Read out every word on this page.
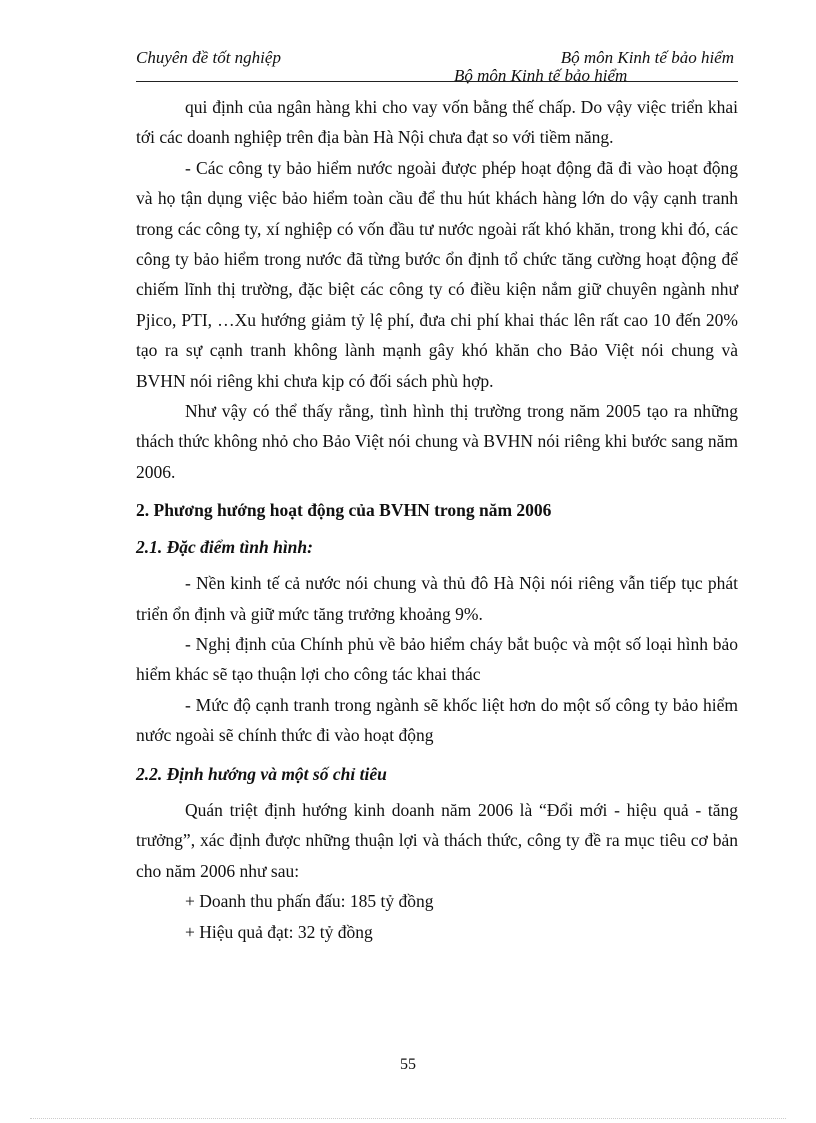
Chuyên đề tốt nghiệp	Bộ môn Kinh tế bảo hiểm
Bộ môn Kinh tế bảo hiểm

qui định của ngân hàng khi cho vay vốn bằng thế chấp. Do vậy việc triển khai tới các doanh nghiệp trên địa bàn Hà Nội chưa đạt so với tiềm năng.

- Các công ty bảo hiểm nước ngoài được phép hoạt động đã đi vào hoạt động và họ tận dụng việc bảo hiểm toàn cầu để thu hút khách hàng lớn do vậy cạnh tranh trong các công ty, xí nghiệp có vốn đầu tư nước ngoài rất khó khăn, trong khi đó, các công ty bảo hiểm trong nước đã từng bước ổn định tổ chức tăng cường hoạt động để chiếm lĩnh thị trường, đặc biệt các công ty có điều kiện nắm giữ chuyên ngành như Pjico, PTI, …Xu hướng giảm tỷ lệ phí, đưa chi phí khai thác lên rất cao 10 đến 20% tạo ra sự cạnh tranh không lành mạnh gây khó khăn cho Bảo Việt nói chung và BVHN nói riêng khi chưa kịp có đối sách phù hợp.

Như vậy có thể thấy rằng, tình hình thị trường trong năm 2005 tạo ra những thách thức không nhỏ cho Bảo Việt nói chung và BVHN nói riêng khi bước sang năm 2006.

2. Phương hướng hoạt động của BVHN trong năm 2006

2.1. Đặc điểm tình hình:

- Nền kinh tế cả nước nói chung và thủ đô Hà Nội nói riêng vẫn tiếp tục phát triển ổn định và giữ mức tăng trưởng khoảng 9%.

- Nghị định của Chính phủ về bảo hiểm cháy bắt buộc và một số loại hình bảo hiểm khác sẽ tạo thuận lợi cho công tác khai thác

- Mức độ cạnh tranh trong ngành sẽ khốc liệt hơn do một số công ty bảo hiểm nước ngoài sẽ chính thức đi vào hoạt động

2.2. Định hướng và một số chỉ tiêu

Quán triệt định hướng kinh doanh năm 2006 là “Đổi mới - hiệu quả - tăng trưởng”, xác định được những thuận lợi và thách thức, công ty đề ra mục tiêu cơ bản cho năm 2006 như sau:

+ Doanh thu phấn đấu: 185 tỷ đồng

+ Hiệu quả đạt: 32 tỷ đồng

55
